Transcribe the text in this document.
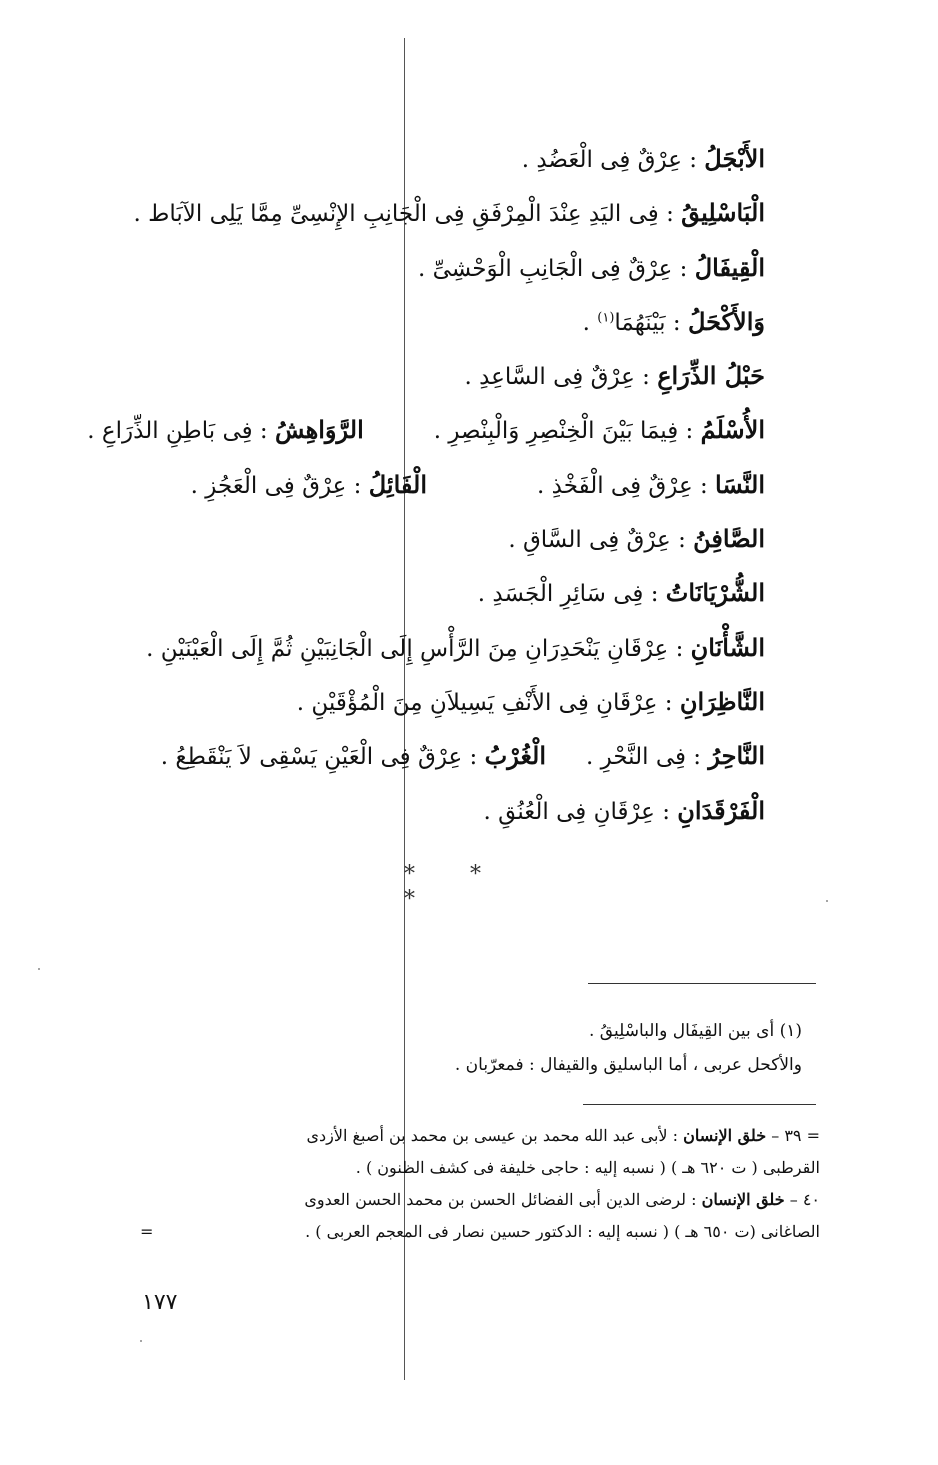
الأَبْجَلُ : عِرْقٌ فِى الْعَضُدِ .
الْبَاسْلِيقُ : فِى اليَدِ عِنْدَ الْمِرْفَقِ فِى الْجَانِبِ الإِنْسِىِّ مِمَّا يَلِى الآبَاط .
الْقِيفَالُ : عِرْقٌ فِى الْجَانِبِ الْوَحْشِىِّ .
وَالأَكْحَلُ : بَيْنَهُمَا$^{(١)}$ .
حَبْلُ الذِّرَاعِ : عِرْقٌ فِى السَّاعِدِ .
الأُسْلَمُ : فِيمَا بَيْنَ الْخِنْصِرِ وَالْبِنْصِرِ .الرَّوَاهِشُ : فِى بَاطِنِ الذِّرَاعِ .
النَّسَا : عِرْقٌ فِى الْفَخْذِ .الْفَائِلُ : عِرْقٌ فِى الْعَجُزِ .
الصَّافِنُ : عِرْقٌ فِى السَّاقِ .
الشُّرْيَانَاتُ : فِى سَائِرِ الْجَسَدِ .
الشَّأْنَانِ : عِرْقَانِ يَنْحَدِرَانِ مِنَ الرَّأْسِ إِلَى الْجَانِبَيْنِ ثُمَّ إِلَى الْعَيْنَيْنِ .
النَّاظِرَانِ : عِرْقَانِ فِى الأَنْفِ يَسِيلاَنِ مِنَ الْمُؤْقَيْنِ .
النَّاحِرُ : فِى النَّحْرِ .الْغُرْبُ : عِرْقٌ فِى الْعَيْنِ يَسْقِى لاَ يَنْقَطِعُ .
الْفَرْقَدَانِ : عِرْقَانِ فِى الْعُنُقِ .
* * *
(١) أى بين القِيفَال والباسْلِيقُ .
والأكحل عربى ، أما الباسليق والقيفال : فمعرّبان .
= ٣٩ – خلق الإنسان : لأبى عبد الله محمد بن عيسى بن محمد بن أصبغ الأزدى
القرطبى ( ت ٦٢٠ هـ ) ( نسبه إليه : حاجى خليفة فى كشف الظنون ) .
٤٠ – خلق الإنسان : لرضى الدين أبى الفضائل الحسن بن محمد الحسن العدوى
الصاغانى (ت ٦٥٠ هـ ) ( نسبه إليه : الدكتور حسين نصار فى المعجم العربى ) .
=
١٧٧
